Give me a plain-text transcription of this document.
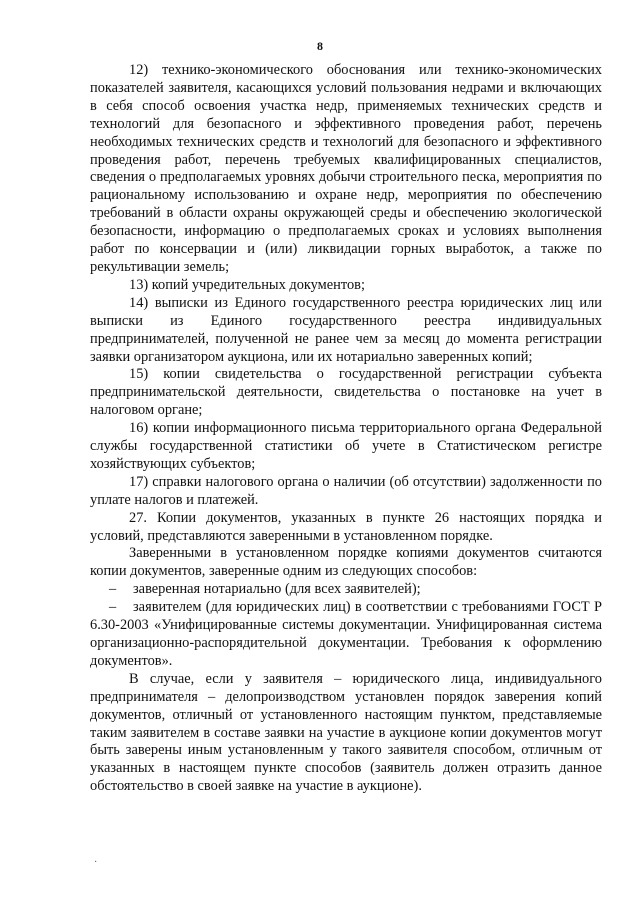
8

12) технико-экономического обоснования или технико-экономических показателей заявителя, касающихся условий пользования недрами и включающих в себя способ освоения участка недр, применяемых технических средств и технологий для безопасного и эффективного проведения работ, перечень необходимых технических средств и технологий для безопасного и эффективного проведения работ, перечень требуемых квалифицированных специалистов, сведения о предполагаемых уровнях добычи строительного песка, мероприятия по рациональному использованию и охране недр, мероприятия по обеспечению требований в области охраны окружающей среды и обеспечению экологической безопасности, информацию о предполагаемых сроках и условиях выполнения работ по консервации и (или) ликвидации горных выработок, а также по рекультивации земель;

13) копий учредительных документов;

14) выписки из Единого государственного реестра юридических лиц или выписки из Единого государственного реестра индивидуальных предпринимателей, полученной не ранее чем за месяц до момента регистрации заявки организатором аукциона, или их нотариально заверенных копий;

15) копии свидетельства о государственной регистрации субъекта предпринимательской деятельности, свидетельства о постановке на учет в налоговом органе;

16) копии информационного письма территориального органа Федеральной службы государственной статистики об учете в Статистическом регистре хозяйствующих субъектов;

17) справки налогового органа о наличии (об отсутствии) задолженности по уплате налогов и платежей.

27. Копии документов, указанных в пункте 26 настоящих порядка и условий, представляются заверенными в установленном порядке.

Заверенными в установленном порядке копиями документов считаются копии документов, заверенные одним из следующих способов:

– заверенная нотариально (для всех заявителей);

– заявителем (для юридических лиц) в соответствии с требованиями ГОСТ Р 6.30-2003 «Унифицированные системы документации. Унифицированная система организационно-распорядительной документации. Требования к оформлению документов».

В случае, если у заявителя – юридического лица, индивидуального предпринимателя – делопроизводством установлен порядок заверения копий документов, отличный от установленного настоящим пунктом, представляемые таким заявителем в составе заявки на участие в аукционе копии документов могут быть заверены иным установленным у такого заявителя способом, отличным от указанных в настоящем пункте способов (заявитель должен отразить данное обстоятельство в своей заявке на участие в аукционе).

·
